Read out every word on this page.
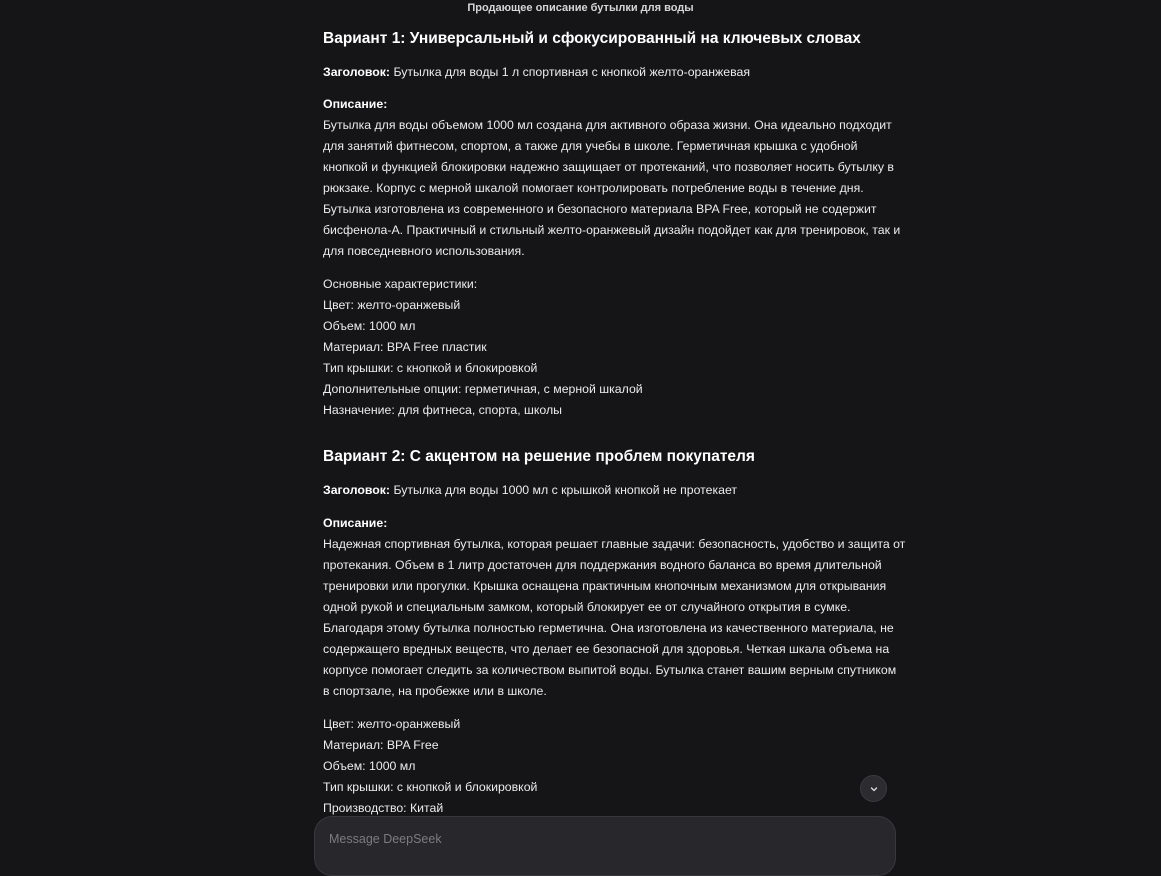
Продающее описание бутылки для воды
Вариант 1: Универсальный и сфокусированный на ключевых словах
Заголовок: Бутылка для воды 1 л спортивная с кнопкой желто-оранжевая
Описание:
Бутылка для воды объемом 1000 мл создана для активного образа жизни. Она идеально подходит
для занятий фитнесом, спортом, а также для учебы в школе. Герметичная крышка с удобной
кнопкой и функцией блокировки надежно защищает от протеканий, что позволяет носить бутылку в
рюкзаке. Корпус с мерной шкалой помогает контролировать потребление воды в течение дня.
Бутылка изготовлена из современного и безопасного материала BPA Free, который не содержит
бисфенола-А. Практичный и стильный желто-оранжевый дизайн подойдет как для тренировок, так и
для повседневного использования.
Основные характеристики:
Цвет: желто-оранжевый
Объем: 1000 мл
Материал: BPA Free пластик
Тип крышки: с кнопкой и блокировкой
Дополнительные опции: герметичная, с мерной шкалой
Назначение: для фитнеса, спорта, школы
Вариант 2: С акцентом на решение проблем покупателя
Заголовок: Бутылка для воды 1000 мл с крышкой кнопкой не протекает
Описание:
Надежная спортивная бутылка, которая решает главные задачи: безопасность, удобство и защита от
протекания. Объем в 1 литр достаточен для поддержания водного баланса во время длительной
тренировки или прогулки. Крышка оснащена практичным кнопочным механизмом для открывания
одной рукой и специальным замком, который блокирует ее от случайного открытия в сумке.
Благодаря этому бутылка полностью герметична. Она изготовлена из качественного материала, не
содержащего вредных веществ, что делает ее безопасной для здоровья. Четкая шкала объема на
корпусе помогает следить за количеством выпитой воды. Бутылка станет вашим верным спутником
в спортзале, на пробежке или в школе.
Цвет: желто-оранжевый
Материал: BPA Free
Объем: 1000 мл
Тип крышки: с кнопкой и блокировкой
Производство: Китай
Message DeepSeek
